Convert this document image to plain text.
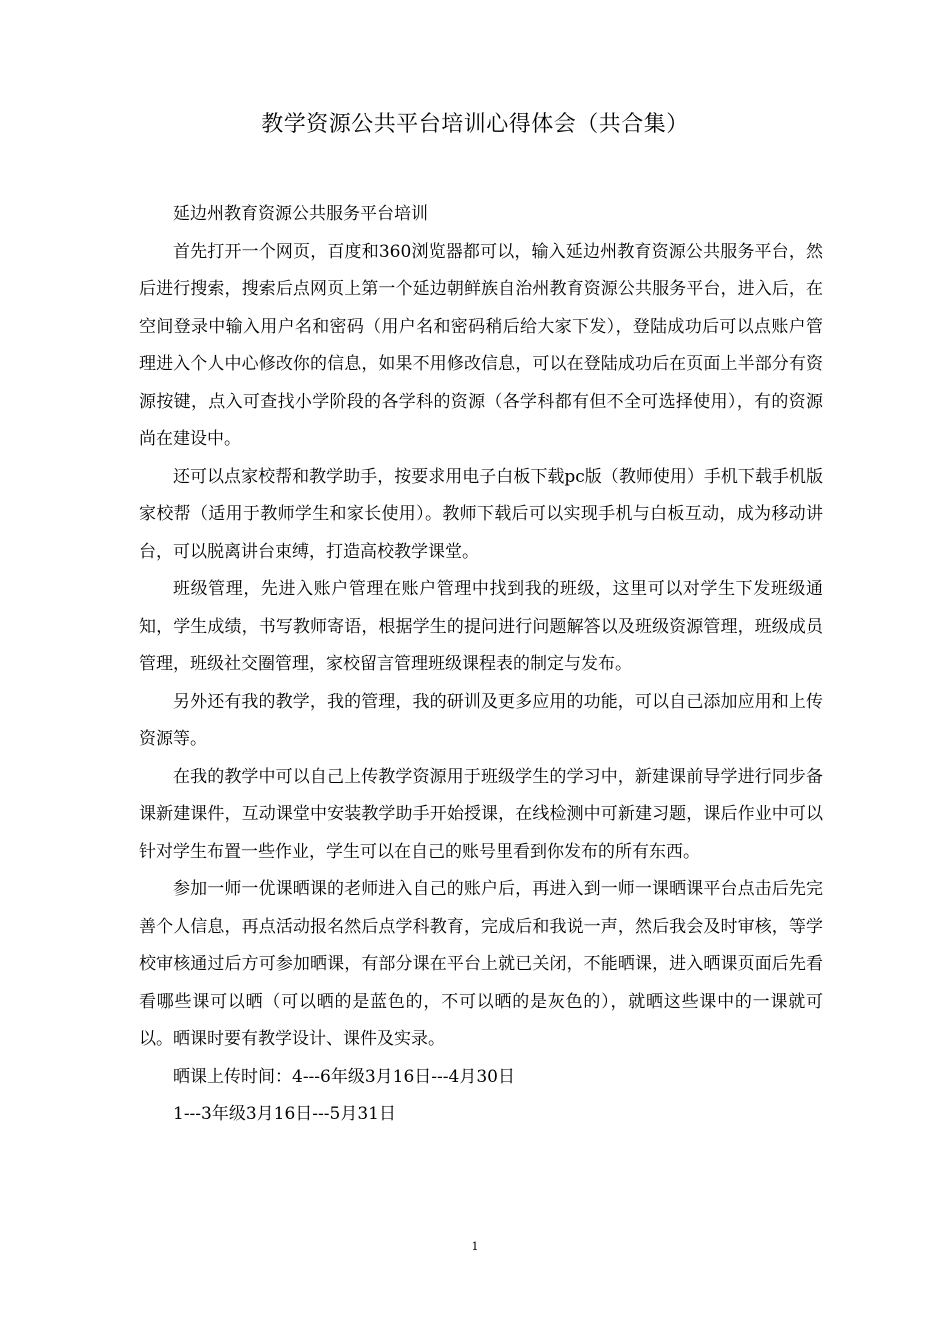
教学资源公共平台培训心得体会（共合集）

延边州教育资源公共服务平台培训

首先打开一个网页，百度和360浏览器都可以，输入延边州教育资源公共服务平台，然后进行搜索，搜索后点网页上第一个延边朝鲜族自治州教育资源公共服务平台，进入后，在空间登录中输入用户名和密码（用户名和密码稍后给大家下发），登陆成功后可以点账户管理进入个人中心修改你的信息，如果不用修改信息，可以在登陆成功后在页面上半部分有资源按键，点入可查找小学阶段的各学科的资源（各学科都有但不全可选择使用），有的资源尚在建设中。

还可以点家校帮和教学助手，按要求用电子白板下载pc版（教师使用）手机下载手机版家校帮（适用于教师学生和家长使用）。教师下载后可以实现手机与白板互动，成为移动讲台，可以脱离讲台束缚，打造高校教学课堂。

班级管理，先进入账户管理在账户管理中找到我的班级，这里可以对学生下发班级通知，学生成绩，书写教师寄语，根据学生的提问进行问题解答以及班级资源管理，班级成员管理，班级社交圈管理，家校留言管理班级课程表的制定与发布。

另外还有我的教学，我的管理，我的研训及更多应用的功能，可以自己添加应用和上传资源等。

在我的教学中可以自己上传教学资源用于班级学生的学习中，新建课前导学进行同步备课新建课件，互动课堂中安装教学助手开始授课，在线检测中可新建习题，课后作业中可以针对学生布置一些作业，学生可以在自己的账号里看到你发布的所有东西。

参加一师一优课晒课的老师进入自己的账户后，再进入到一师一课晒课平台点击后先完善个人信息，再点活动报名然后点学科教育，完成后和我说一声，然后我会及时审核，等学校审核通过后方可参加晒课，有部分课在平台上就已关闭，不能晒课，进入晒课页面后先看看哪些课可以晒（可以晒的是蓝色的，不可以晒的是灰色的），就晒这些课中的一课就可以。晒课时要有教学设计、课件及实录。

晒课上传时间：4---6年级3月16日---4月30日

1---3年级3月16日---5月31日

1
